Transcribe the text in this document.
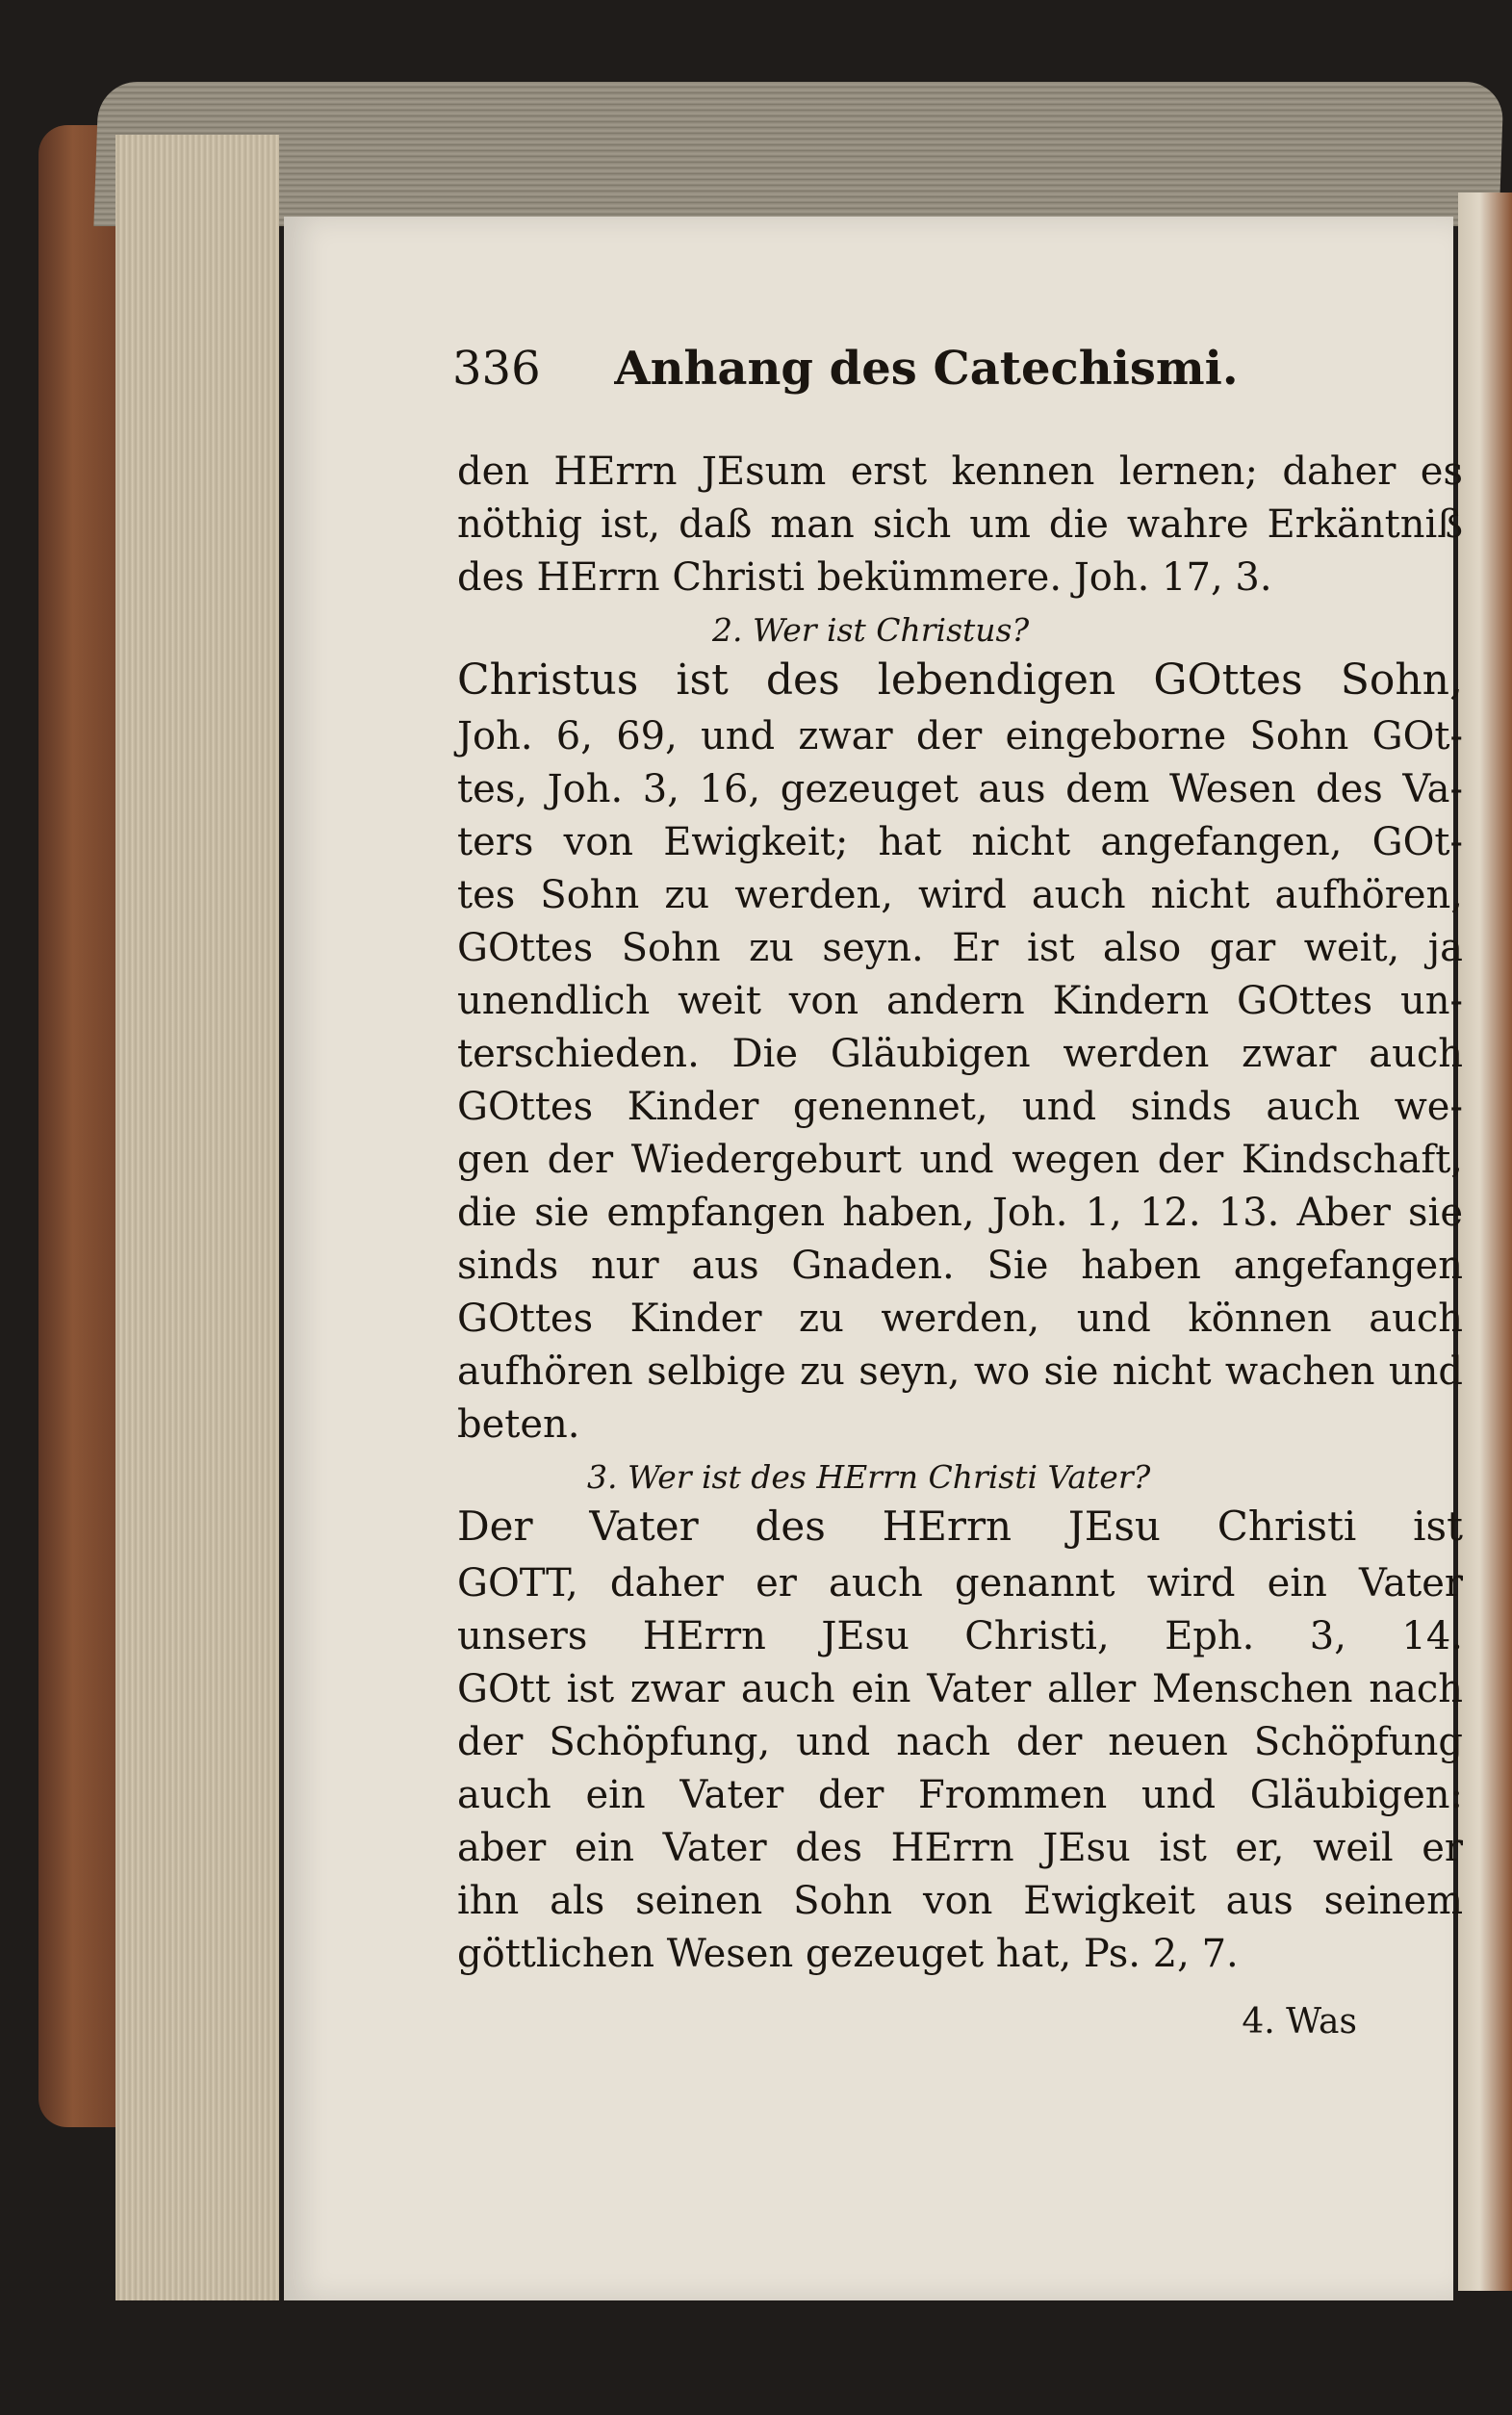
336 Anhang des Catechismi.
den HErrn JEsum erst kennen lernen; daher es
nöthig ist, daß man sich um die wahre Erkäntniß
des HErrn Christi bekümmere. Joh. 17, 3.
2. Wer ist Christus?
Christus ist des lebendigen GOttes Sohn,
Joh. 6, 69, und zwar der eingeborne Sohn GOt-
tes, Joh. 3, 16, gezeuget aus dem Wesen des Va-
ters von Ewigkeit; hat nicht angefangen, GOt-
tes Sohn zu werden, wird auch nicht aufhören,
GOttes Sohn zu seyn. Er ist also gar weit, ja
unendlich weit von andern Kindern GOttes un-
terschieden. Die Gläubigen werden zwar auch
GOttes Kinder genennet, und sinds auch we-
gen der Wiedergeburt und wegen der Kindschaft,
die sie empfangen haben, Joh. 1, 12. 13. Aber sie
sinds nur aus Gnaden. Sie haben angefangen
GOttes Kinder zu werden, und können auch
aufhören selbige zu seyn, wo sie nicht wachen und
beten.
3. Wer ist des HErrn Christi Vater?
Der Vater des HErrn JEsu Christi ist
GOTT, daher er auch genannt wird ein Vater
unsers HErrn JEsu Christi, Eph. 3, 14.
GOtt ist zwar auch ein Vater aller Menschen nach
der Schöpfung, und nach der neuen Schöpfung
auch ein Vater der Frommen und Gläubigen:
aber ein Vater des HErrn JEsu ist er, weil er
ihn als seinen Sohn von Ewigkeit aus seinem
göttlichen Wesen gezeuget hat, Ps. 2, 7.
4. Was
